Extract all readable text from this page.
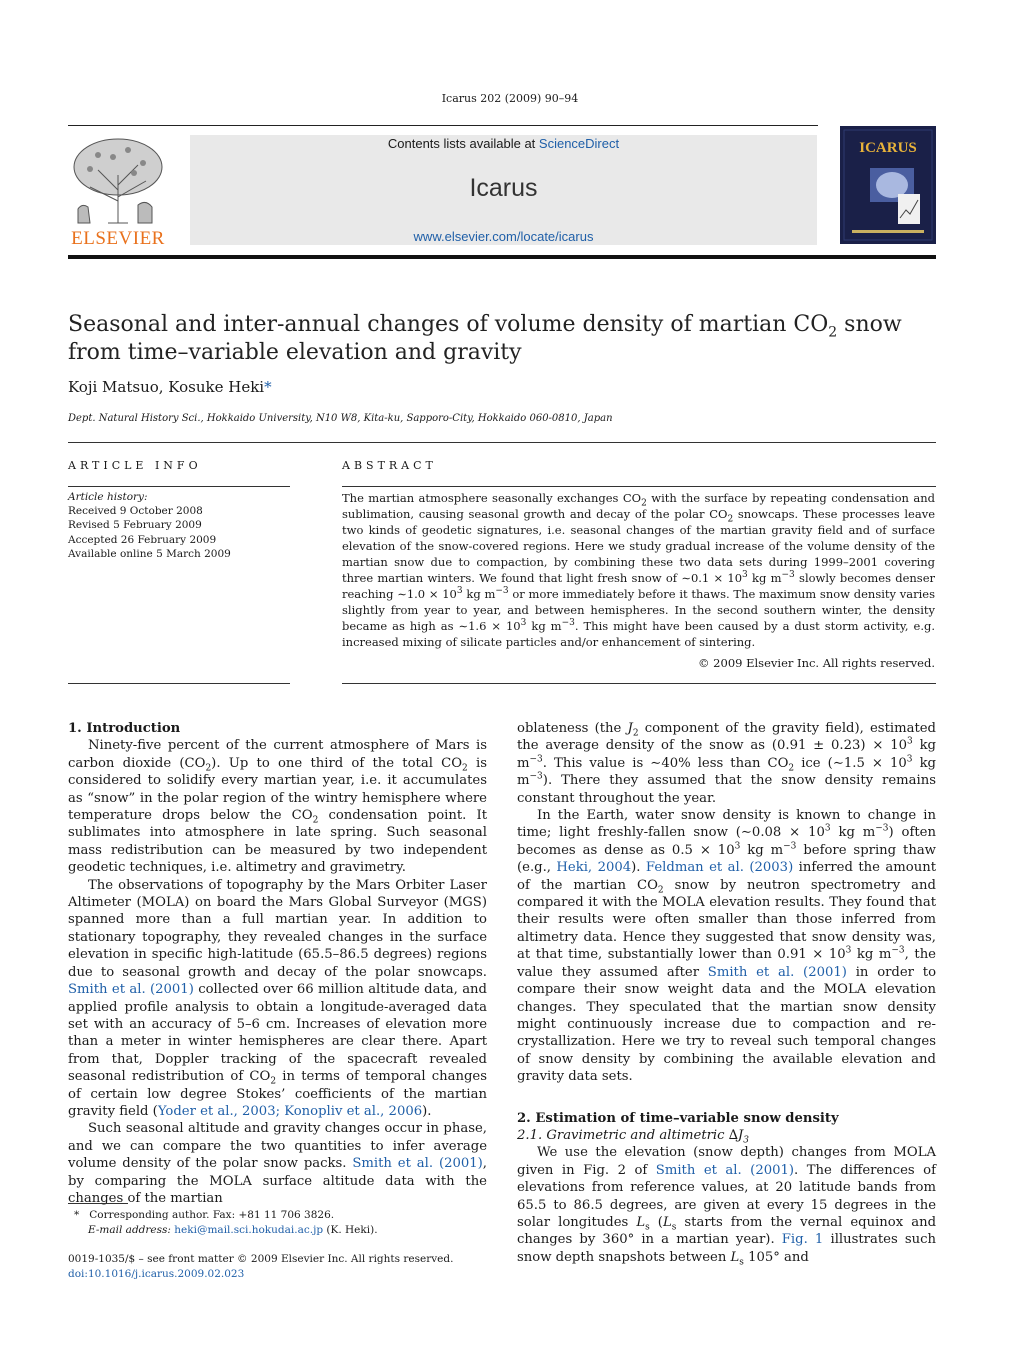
Icarus 202 (2009) 90–94
ELSEVIER
Contents lists available at ScienceDirect
Icarus
www.elsevier.com/locate/icarus
ICARUS
Seasonal and inter-annual changes of volume density of martian $CO_2$ snow
from time–variable elevation and gravity
Koji Matsuo, Kosuke Heki*
Dept. Natural History Sci., Hokkaido University, N10 W8, Kita-ku, Sapporo-City, Hokkaido 060-0810, Japan
ARTICLE INFO
Article history:
Received 9 October 2008
Revised 5 February 2009
Accepted 26 February 2009
Available online 5 March 2009
ABSTRACT

The martian atmosphere seasonally exchanges $CO_2$ with the surface by repeating condensation and sublimation, causing seasonal growth and decay of the polar $CO_2$ snowcaps. These processes leave two kinds of geodetic signatures, i.e. seasonal changes of the martian gravity field and of surface elevation of the snow-covered regions. Here we study gradual increase of the volume density of the martian snow due to compaction, by combining these two data sets during 1999–2001 covering three martian winters. We found that light fresh snow of ∼0.1 × $10^3$ kg $m^{-3}$ slowly becomes denser reaching ∼1.0 × $10^3$ kg $m^{-3}$ or more immediately before it thaws. The maximum snow density varies slightly from year to year, and between hemispheres. In the second southern winter, the density became as high as ∼1.6 × $10^3$ kg $m^{-3}$. This might have been caused by a dust storm activity, e.g. increased mixing of silicate particles and/or enhancement of sintering.

© 2009 Elsevier Inc. All rights reserved.

1. Introduction

Ninety-five percent of the current atmosphere of Mars is carbon dioxide $(CO_2)$. Up to one third of the total $CO_2$ is considered to solidify every martian year, i.e. it accumulates as “snow” in the polar region of the wintry hemisphere where temperature drops below the $CO_2$ condensation point. It sublimates into atmosphere in late spring. Such seasonal mass redistribution can be measured by two independent geodetic techniques, i.e. altimetry and gravimetry.

The observations of topography by the Mars Orbiter Laser Altimeter (MOLA) on board the Mars Global Surveyor (MGS) spanned more than a full martian year. In addition to stationary topography, they revealed changes in the surface elevation in specific high-latitude (65.5–86.5 degrees) regions due to seasonal growth and decay of the polar snowcaps. Smith et al. (2001) collected over 66 million altitude data, and applied profile analysis to obtain a longitude-averaged data set with an accuracy of 5–6 cm. Increases of elevation more than a meter in winter hemispheres are clear there. Apart from that, Doppler tracking of the spacecraft revealed seasonal redistribution of $CO_2$ in terms of temporal changes of certain low degree Stokes’ coefficients of the martian gravity field (Yoder et al., 2003; Konopliv et al., 2006).

Such seasonal altitude and gravity changes occur in phase, and we can compare the two quantities to infer average volume density of the polar snow packs. Smith et al. (2001), by comparing the MOLA surface altitude data with the changes of the martian

oblateness (the $J_2$ component of the gravity field), estimated the average density of the snow as $(0.91 \pm 0.23) \times 10^3$ kg $m^{-3}$. This value is ∼40% less than $CO_2$ ice (∼1.5 × $10^3$ kg $m^{-3}$). There they assumed that the snow density remains constant throughout the year.

In the Earth, water snow density is known to change in time; light freshly-fallen snow (∼0.08 × $10^3$ kg $m^{-3}$) often becomes as dense as $0.5 \times 10^3$ kg $m^{-3}$ before spring thaw (e.g., Heki, 2004). Feldman et al. (2003) inferred the amount of the martian $CO_2$ snow by neutron spectrometry and compared it with the MOLA elevation results. They found that their results were often smaller than those inferred from altimetry data. Hence they suggested that snow density was, at that time, substantially lower than $0.91 \times 10^3$ kg $m^{-3}$, the value they assumed after Smith et al. (2001) in order to compare their snow weight data and the MOLA elevation changes. They speculated that the martian snow density might continuously increase due to compaction and re-crystallization. Here we try to reveal such temporal changes of snow density by combining the available elevation and gravity data sets.

2. Estimation of time–variable snow density

2.1. Gravimetric and altimetric $\Delta J_3$

We use the elevation (snow depth) changes from MOLA given in Fig. 2 of Smith et al. (2001). The differences of elevations from reference values, at 20 latitude bands from 65.5 to 86.5 degrees, are given at every 15 degrees in the solar longitudes $L_s$ ($L_s$ starts from the vernal equinox and changes by 360° in a martian year). Fig. 1 illustrates such snow depth snapshots between $L_s$ 105° and

* Corresponding author. Fax: +81 11 706 3826.
E-mail address: heki@mail.sci.hokudai.ac.jp (K. Heki).
0019-1035/$ – see front matter © 2009 Elsevier Inc. All rights reserved.
doi:10.1016/j.icarus.2009.02.023
